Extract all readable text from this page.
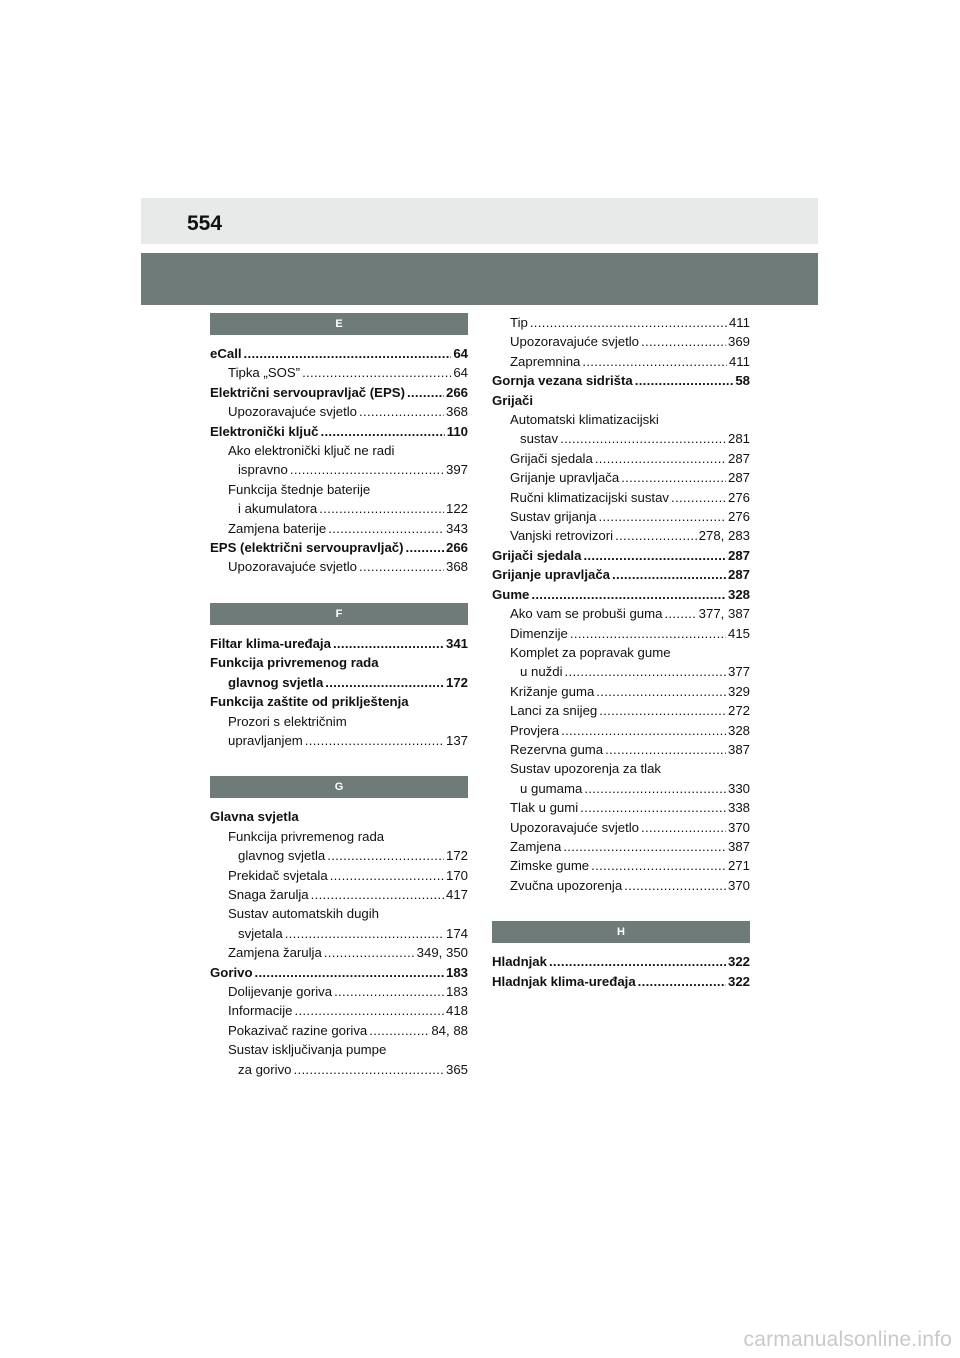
554
E
eCall .....	64
Tipka „SOS” .....	64
Električni servoupravljač (EPS) .....	266
Upozoravajuće svjetlo .....	368
Elektronički ključ .....	110
Ako elektronički ključ ne radi
ispravno .....	397
Funkcija štednje baterije
i akumulatora .....	122
Zamjena baterije .....	343
EPS (električni servoupravljač) .....	266
Upozoravajuće svjetlo .....	368
F
Filtar klima-uređaja .....	341
Funkcija privremenog rada
glavnog svjetla .....	172
Funkcija zaštite od priklještenja
Prozori s električnim
upravljanjem .....	137
G
Glavna svjetla
Funkcija privremenog rada
glavnog svjetla .....	172
Prekidač svjetala .....	170
Snaga žarulja .....	417
Sustav automatskih dugih
svjetala .....	174
Zamjena žarulja .....	349, 350
Gorivo .....	183
Dolijevanje goriva .....	183
Informacije .....	418
Pokazivač razine goriva .....	84, 88
Sustav isključivanja pumpe
za gorivo .....	365
Tip .....	411
Upozoravajuće svjetlo .....	369
Zapremnina .....	411
Gornja vezana sidrišta .....	58
Grijači
Automatski klimatizacijski
sustav .....	281
Grijači sjedala .....	287
Grijanje upravljača .....	287
Ručni klimatizacijski sustav .....	276
Sustav grijanja .....	276
Vanjski retrovizori .....	278, 283
Grijači sjedala .....	287
Grijanje upravljača .....	287
Gume .....	328
Ako vam se probuši guma .....	377, 387
Dimenzije .....	415
Komplet za popravak gume
u nuždi .....	377
Križanje guma .....	329
Lanci za snijeg .....	272
Provjera .....	328
Rezervna guma .....	387
Sustav upozorenja za tlak
u gumama .....	330
Tlak u gumi .....	338
Upozoravajuće svjetlo .....	370
Zamjena .....	387
Zimske gume .....	271
Zvučna upozorenja .....	370
H
Hladnjak .....	322
Hladnjak klima-uređaja .....	322
carmanualsonline.info
